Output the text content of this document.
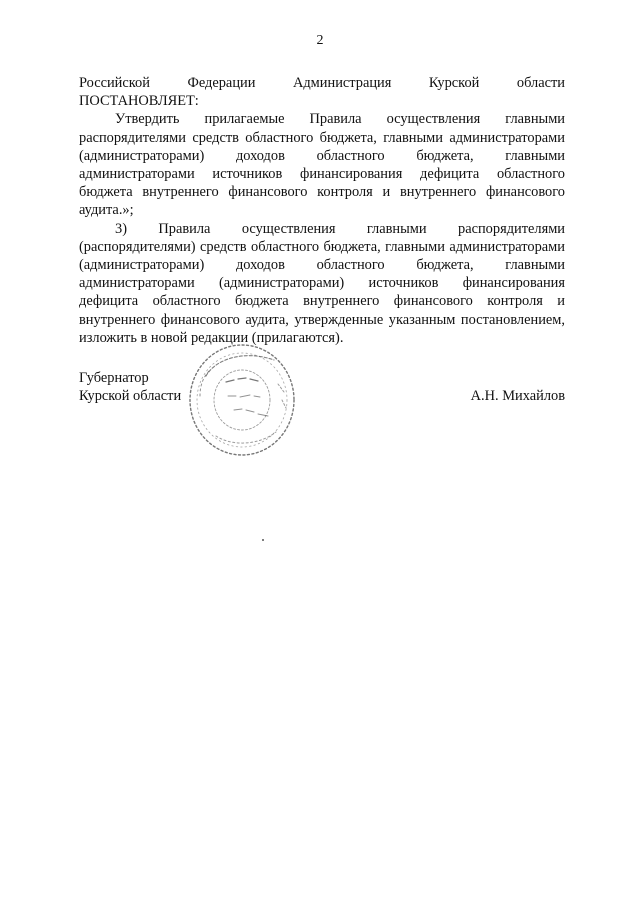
2

Российской Федерации Администрация Курской области

ПОСТАНОВЛЯЕТ:

Утвердить прилагаемые Правила осуществления главными

распорядителями средств областного бюджета, главными администраторами (администраторами) доходов областного бюджета, главными администраторами источников финансирования дефицита областного бюджета внутреннего финансового контроля и внутреннего финансового аудита.»;

3) Правила осуществления главными распорядителями (распорядителями) средств областного бюджета, главными администраторами (администраторами) доходов областного бюджета, главными администраторами (администраторами) источников финансирования дефицита областного бюджета внутреннего финансового контроля и внутреннего финансового аудита, утвержденные указанным постановлением, изложить в новой редакции (прилагаются).

Губернатор
Курской области	А.Н. Михайлов
